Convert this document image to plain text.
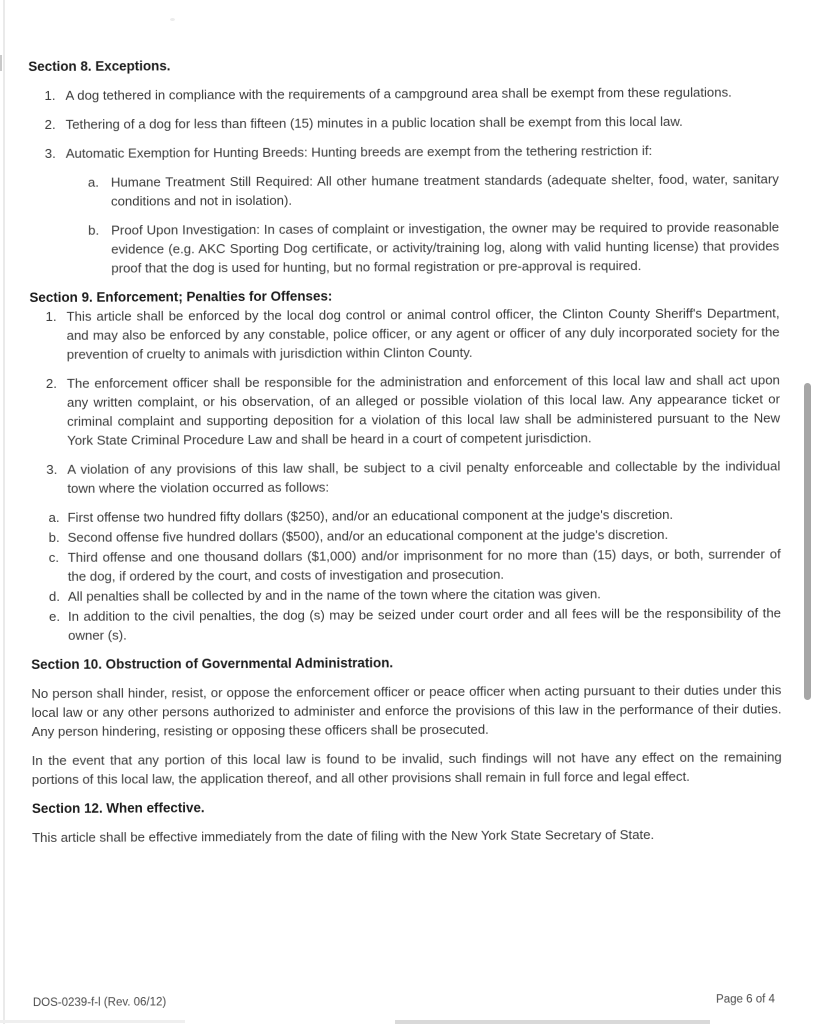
Section 8. Exceptions.
1. A dog tethered in compliance with the requirements of a campground area shall be exempt from these regulations.
2. Tethering of a dog for less than fifteen (15) minutes in a public location shall be exempt from this local law.
3. Automatic Exemption for Hunting Breeds: Hunting breeds are exempt from the tethering restriction if:
a. Humane Treatment Still Required: All other humane treatment standards (adequate shelter, food, water, sanitary conditions and not in isolation).
b. Proof Upon Investigation: In cases of complaint or investigation, the owner may be required to provide reasonable evidence (e.g. AKC Sporting Dog certificate, or activity/training log, along with valid hunting license) that provides proof that the dog is used for hunting, but no formal registration or pre-approval is required.
Section 9. Enforcement; Penalties for Offenses:
1. This article shall be enforced by the local dog control or animal control officer, the Clinton County Sheriff's Department, and may also be enforced by any constable, police officer, or any agent or officer of any duly incorporated society for the prevention of cruelty to animals with jurisdiction within Clinton County.
2. The enforcement officer shall be responsible for the administration and enforcement of this local law and shall act upon any written complaint, or his observation, of an alleged or possible violation of this local law. Any appearance ticket or criminal complaint and supporting deposition for a violation of this local law shall be administered pursuant to the New York State Criminal Procedure Law and shall be heard in a court of competent jurisdiction.
3. A violation of any provisions of this law shall, be subject to a civil penalty enforceable and collectable by the individual town where the violation occurred as follows:
a. First offense two hundred fifty dollars ($250), and/or an educational component at the judge's discretion.
b. Second offense five hundred dollars ($500), and/or an educational component at the judge's discretion.
c. Third offense and one thousand dollars ($1,000) and/or imprisonment for no more than (15) days, or both, surrender of the dog, if ordered by the court, and costs of investigation and prosecution.
d. All penalties shall be collected by and in the name of the town where the citation was given.
e. In addition to the civil penalties, the dog (s) may be seized under court order and all fees will be the responsibility of the owner (s).
Section 10. Obstruction of Governmental Administration.
No person shall hinder, resist, or oppose the enforcement officer or peace officer when acting pursuant to their duties under this local law or any other persons authorized to administer and enforce the provisions of this law in the performance of their duties. Any person hindering, resisting or opposing these officers shall be prosecuted.
In the event that any portion of this local law is found to be invalid, such findings will not have any effect on the remaining portions of this local law, the application thereof, and all other provisions shall remain in full force and legal effect.
Section 12. When effective.
This article shall be effective immediately from the date of filing with the New York State Secretary of State.
DOS-0239-f-l (Rev. 06/12)	Page 6 of 4
